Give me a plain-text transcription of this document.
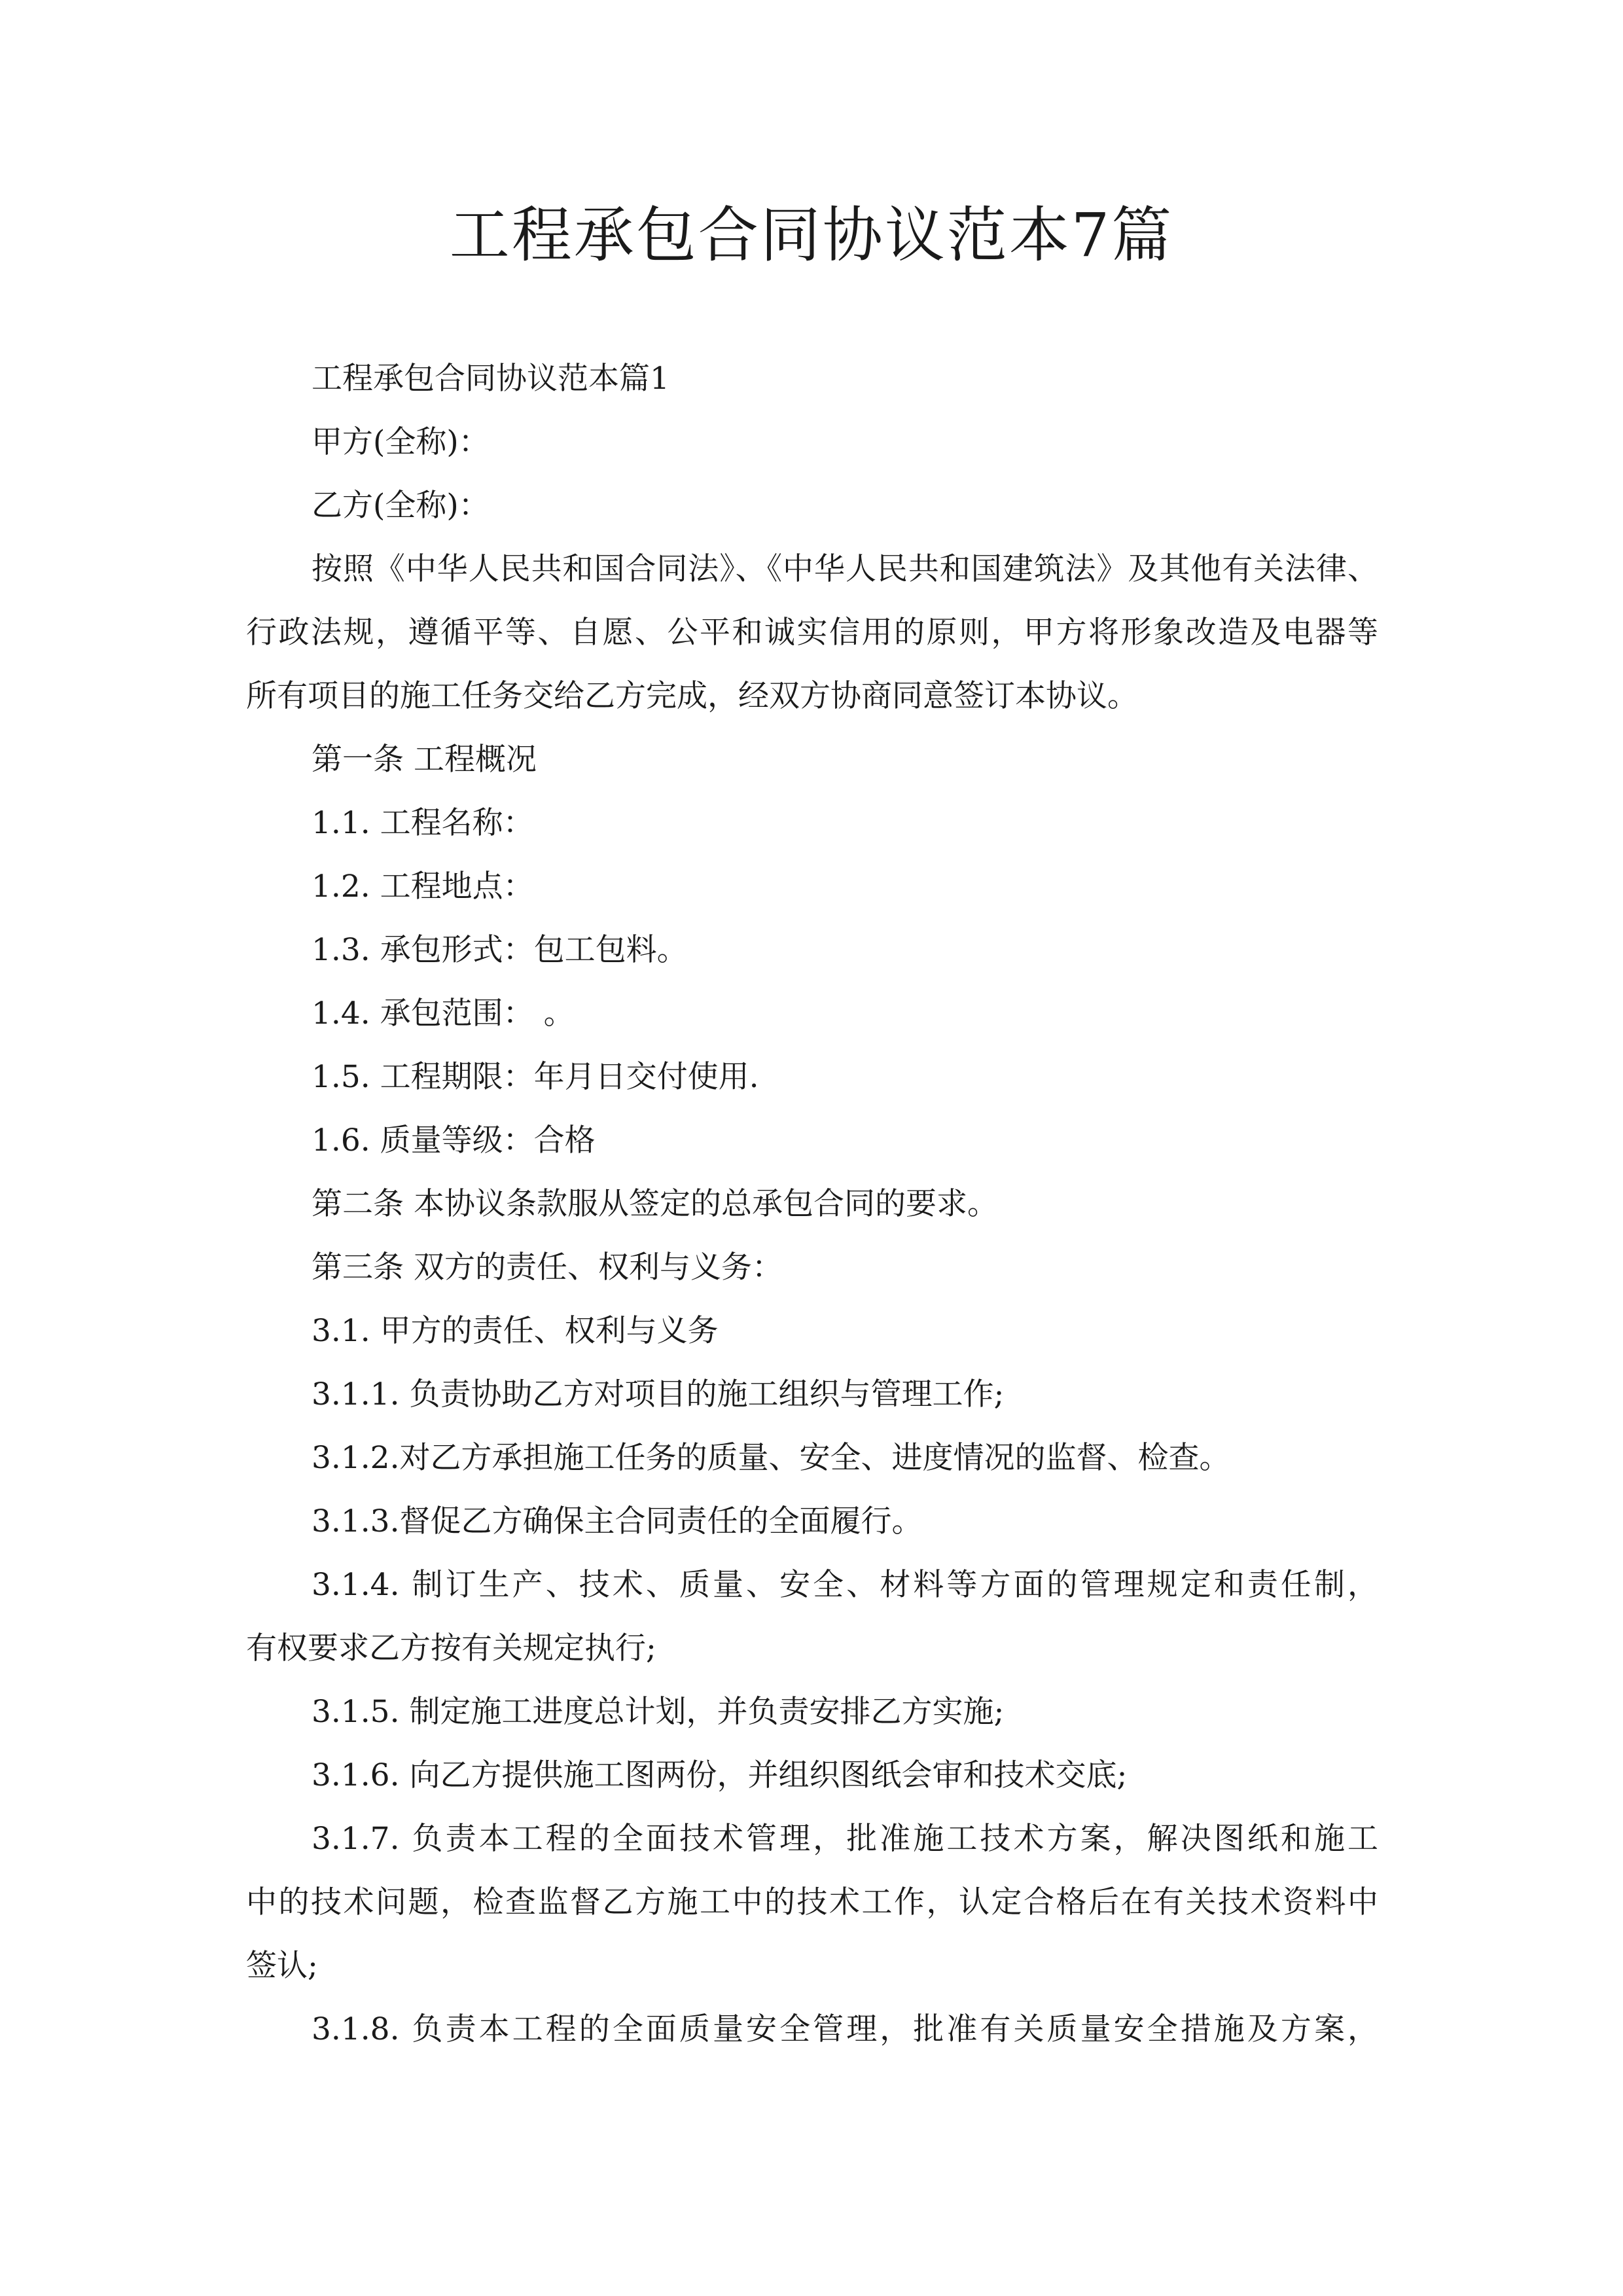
工程承包合同协议范本7篇
工程承包合同协议范本篇1
甲方(全称)：
乙方(全称)：
按照《中华人民共和国合同法》、《中华人民共和国建筑法》及其他有关法律、
行政法规，遵循平等、自愿、公平和诚实信用的原则，甲方将形象改造及电器等
所有项目的施工任务交给乙方完成，经双方协商同意签订本协议。
第一条 工程概况
1.1. 工程名称：
1.2. 工程地点：
1.3. 承包形式：包工包料。
1.4. 承包范围： 。
1.5. 工程期限：年月日交付使用.
1.6. 质量等级：合格
第二条 本协议条款服从签定的总承包合同的要求。
第三条 双方的责任、权利与义务：
3.1. 甲方的责任、权利与义务
3.1.1. 负责协助乙方对项目的施工组织与管理工作;
3.1.2.对乙方承担施工任务的质量、安全、进度情况的监督、检查。
3.1.3.督促乙方确保主合同责任的全面履行。
3.1.4. 制订生产、技术、质量、安全、材料等方面的管理规定和责任制，
有权要求乙方按有关规定执行;
3.1.5. 制定施工进度总计划，并负责安排乙方实施;
3.1.6. 向乙方提供施工图两份，并组织图纸会审和技术交底;
3.1.7. 负责本工程的全面技术管理，批准施工技术方案，解决图纸和施工
中的技术问题，检查监督乙方施工中的技术工作，认定合格后在有关技术资料中
签认;
3.1.8. 负责本工程的全面质量安全管理，批准有关质量安全措施及方案，
